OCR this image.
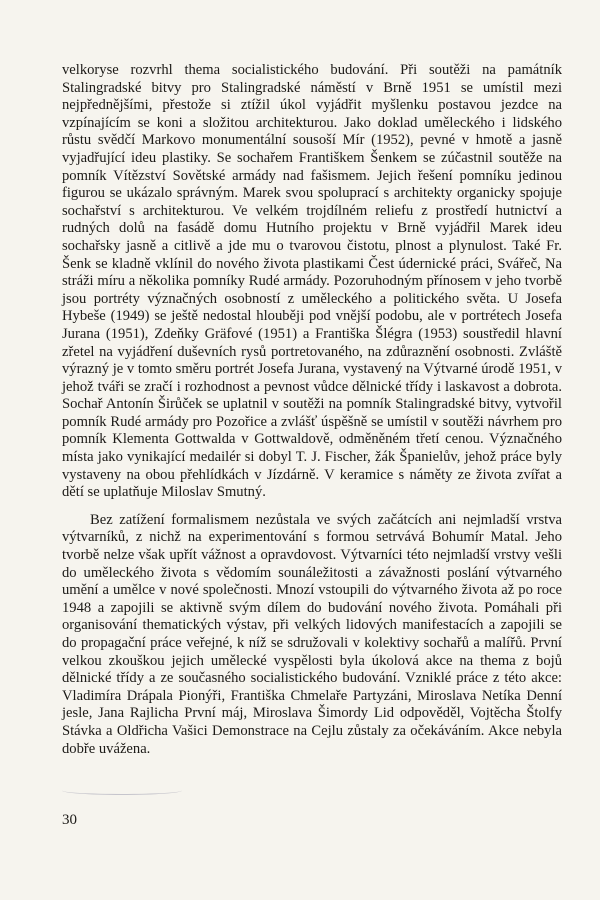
velkoryse rozvrhl thema socialistického budování. Při soutěži na památník Stalingradské bitvy pro Stalingradské náměstí v Brně 1951 se umístil mezi nejpřednějšími, přestože si ztížil úkol vyjádřit myšlenku postavou jezdce na vzpínajícím se koni a složitou architekturou. Jako doklad uměleckého i lidského růstu svědčí Markovo monumentální sousoší Mír (1952), pevné v hmotě a jasně vyjadřující ideu plastiky. Se sochařem Františkem Šenkem se zúčastnil soutěže na pomník Vítězství Sovětské armády nad fašismem. Jejich řešení pomníku jedinou figurou se ukázalo správným. Marek svou spoluprací s architekty organicky spojuje sochařství s architekturou. Ve velkém trojdílném reliefu z prostředí hutnictví a rudných dolů na fasádě domu Hutního projektu v Brně vyjádřil Marek ideu sochařsky jasně a citlivě a jde mu o tvarovou čistotu, plnost a plynulost. Také Fr. Šenk se kladně vklínil do nového života plastikami Čest údernické práci, Svářeč, Na stráži míru a několika pomníky Rudé armády. Pozoruhodným přínosem v jeho tvorbě jsou portréty význačných osobností z uměleckého a politického světa. U Josefa Hybeše (1949) se ještě nedostal hlouběji pod vnější podobu, ale v portrétech Josefa Jurana (1951), Zdeňky Gräfové (1951) a Františka Šlégra (1953) soustředil hlavní zřetel na vyjádření duševních rysů portretovaného, na zdůraznění osobnosti. Zvláště výrazný je v tomto směru portrét Josefa Jurana, vystavený na Výtvarné úrodě 1951, v jehož tváři se zračí i rozhodnost a pevnost vůdce dělnické třídy i laskavost a dobrota. Sochař Antonín Širůček se uplatnil v soutěži na pomník Stalingradské bitvy, vytvořil pomník Rudé armády pro Pozořice a zvlášť úspěšně se umístil v soutěži návrhem pro pomník Klementa Gottwalda v Gottwaldově, odměněném třetí cenou. Význačného místa jako vynikající medailér si dobyl T. J. Fischer, žák Španielův, jehož práce byly vystaveny na obou přehlídkách v Jízdárně. V keramice s náměty ze života zvířat a dětí se uplatňuje Miloslav Smutný.

Bez zatížení formalismem nezůstala ve svých začátcích ani nejmladší vrstva výtvarníků, z nichž na experimentování s formou setrvává Bohumír Matal. Jeho tvorbě nelze však upřít vážnost a opravdovost. Výtvarníci této nejmladší vrstvy vešli do uměleckého života s vědomím sounáležitosti a závažnosti poslání výtvarného umění a umělce v nové společnosti. Mnozí vstoupili do výtvarného života až po roce 1948 a zapojili se aktivně svým dílem do budování nového života. Pomáhali při organisování thematických výstav, při velkých lidových manifestacích a zapojili se do propagační práce veřejné, k níž se sdružovali v kolektivy sochařů a malířů. První velkou zkouškou jejich umělecké vyspělosti byla úkolová akce na thema z bojů dělnické třídy a ze současného socialistického budování. Vzniklé práce z této akce: Vladimíra Drápala Pionýři, Františka Chmelaře Partyzáni, Miroslava Netíka Denní jesle, Jana Rajlicha První máj, Miroslava Šimordy Lid odpověděl, Vojtěcha Štolfy Stávka a Oldřicha Vašici Demonstrace na Cejlu zůstaly za očekáváním. Akce nebyla dobře uvážena.

30
